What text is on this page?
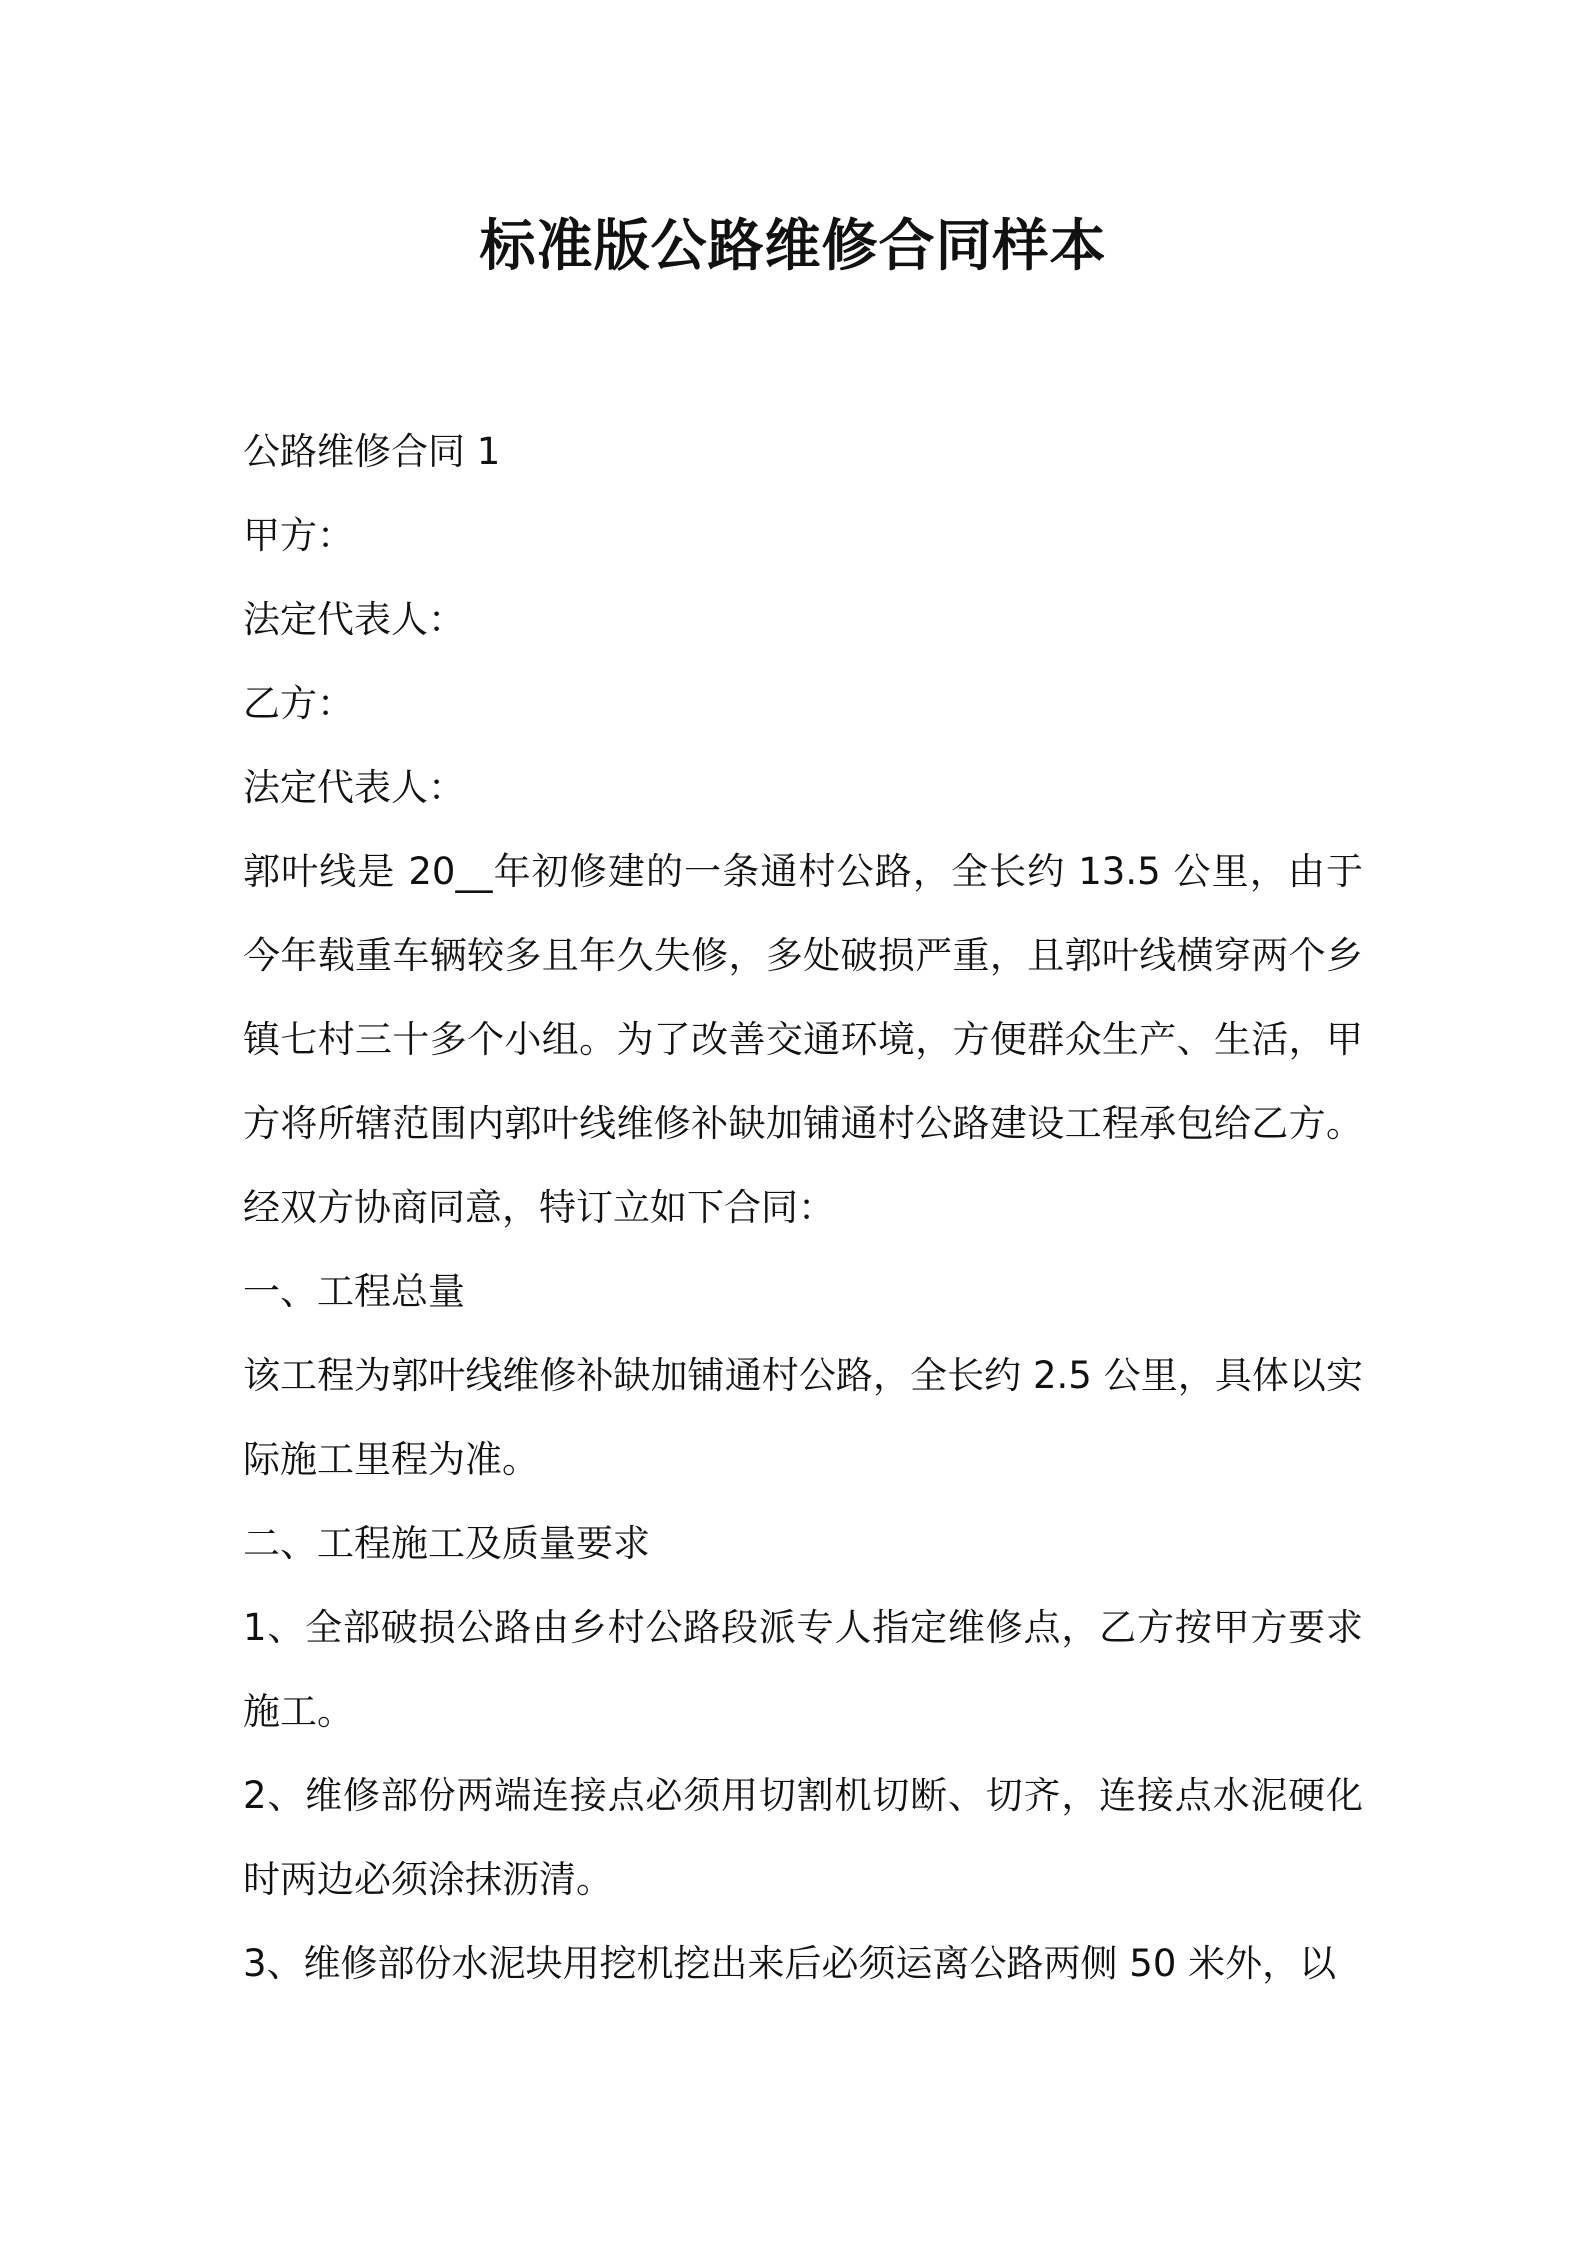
标准版公路维修合同样本

公路维修合同 1

甲方：

法定代表人：

乙方：

法定代表人：

郭叶线是 20__年初修建的一条通村公路，全长约 13.5 公里，由于今年载重车辆较多且年久失修，多处破损严重，且郭叶线横穿两个乡镇七村三十多个小组。为了改善交通环境，方便群众生产、生活，甲方将所辖范围内郭叶线维修补缺加铺通村公路建设工程承包给乙方。经双方协商同意，特订立如下合同：

一、工程总量

该工程为郭叶线维修补缺加铺通村公路，全长约 2.5 公里，具体以实际施工里程为准。

二、工程施工及质量要求

1、全部破损公路由乡村公路段派专人指定维修点，乙方按甲方要求施工。

2、维修部份两端连接点必须用切割机切断、切齐，连接点水泥硬化时两边必须涂抹沥清。

3、维修部份水泥块用挖机挖出来后必须运离公路两侧 50 米外，以
